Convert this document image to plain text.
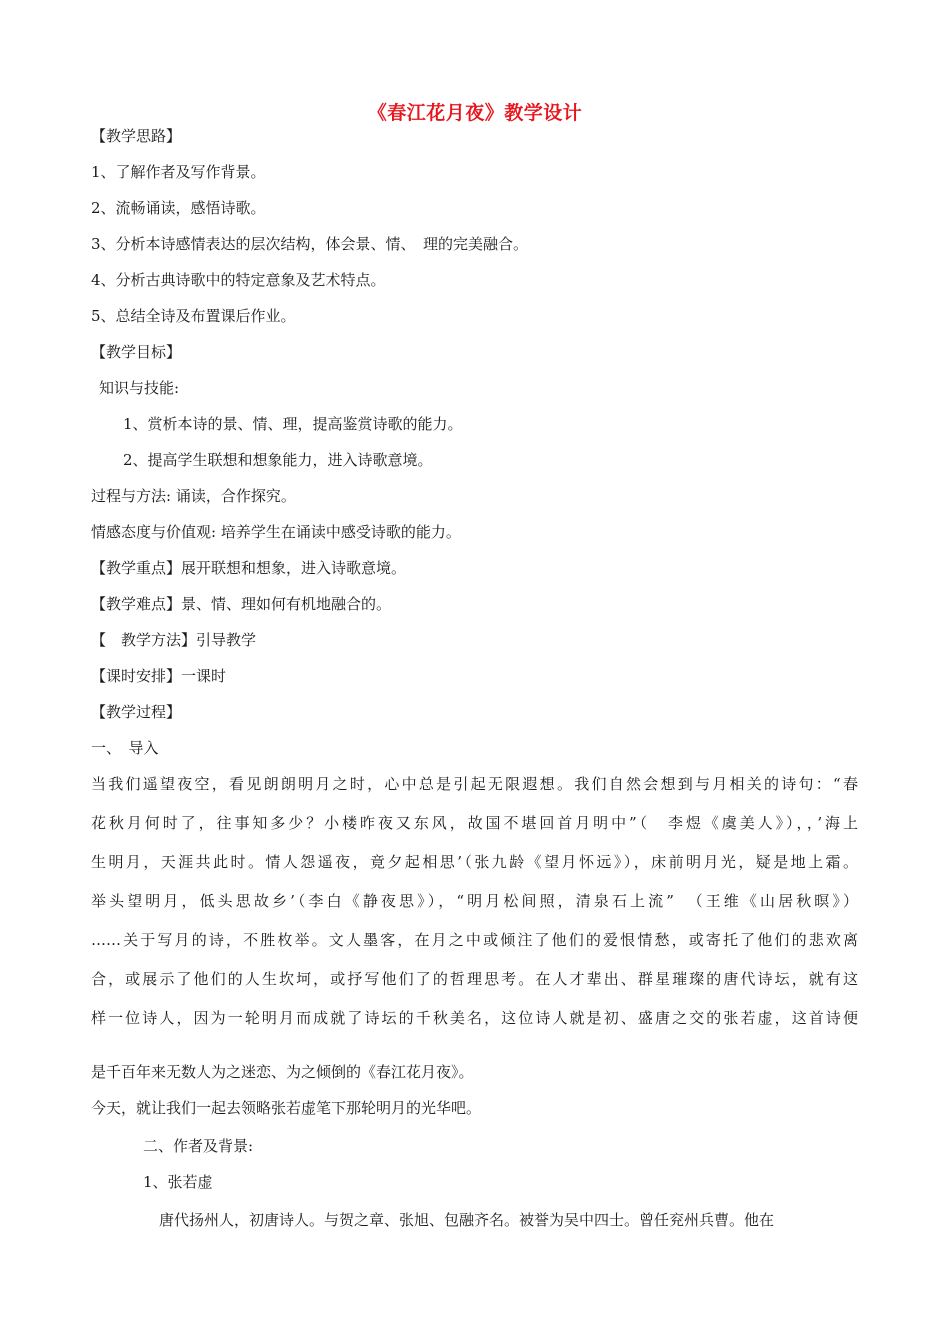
《春江花月夜》教学设计
【教学思路】
1、了解作者及写作背景。
2、流畅诵读，感悟诗歌。
3、分析本诗感情表达的层次结构，体会景、情、　理的完美融合。
4、分析古典诗歌中的特定意象及艺术特点。
5、总结全诗及布置课后作业。
【教学目标】
知识与技能:
1、赏析本诗的景、情、理，提高鉴赏诗歌的能力。
2、提高学生联想和想象能力，进入诗歌意境。
过程与方法: 诵读，合作探究。
情感态度与价值观: 培养学生在诵读中感受诗歌的能力。
【教学重点】展开联想和想象，进入诗歌意境。
【教学难点】景、情、理如何有机地融合的。
【　教学方法】引导教学
【课时安排】一课时
【教学过程】
一、　导入
当我们遥望夜空，看见朗朗明月之时，心中总是引起无限遐想。我们自然会想到与月相关的诗句：“春
花秋月何时了，往事知多少？小楼昨夜又东风，故国不堪回首月明中”（　李煜《虞美人》），，’海上
生明月，天涯共此时。情人怨遥夜，竟夕起相思’（张九龄《望月怀远》），床前明月光，疑是地上霜。
举头望明月，低头思故乡’（李白《静夜思》），“明月松间照，清泉石上流”　（王维《山居秋暝》）
……关于写月的诗，不胜枚举。文人墨客，在月之中或倾注了他们的爱恨情愁，或寄托了他们的悲欢离
合，或展示了他们的人生坎坷，或抒写他们了的哲理思考。在人才辈出、群星璀璨的唐代诗坛，就有这
样一位诗人，因为一轮明月而成就了诗坛的千秋美名，这位诗人就是初、盛唐之交的张若虚，这首诗便
是千百年来无数人为之迷恋、为之倾倒的《春江花月夜》。
今天，就让我们一起去领略张若虚笔下那轮明月的光华吧。
二、作者及背景:
1、张若虚
唐代扬州人，初唐诗人。与贺之章、张旭、包融齐名。被誉为吴中四士。曾任兖州兵曹。他在
